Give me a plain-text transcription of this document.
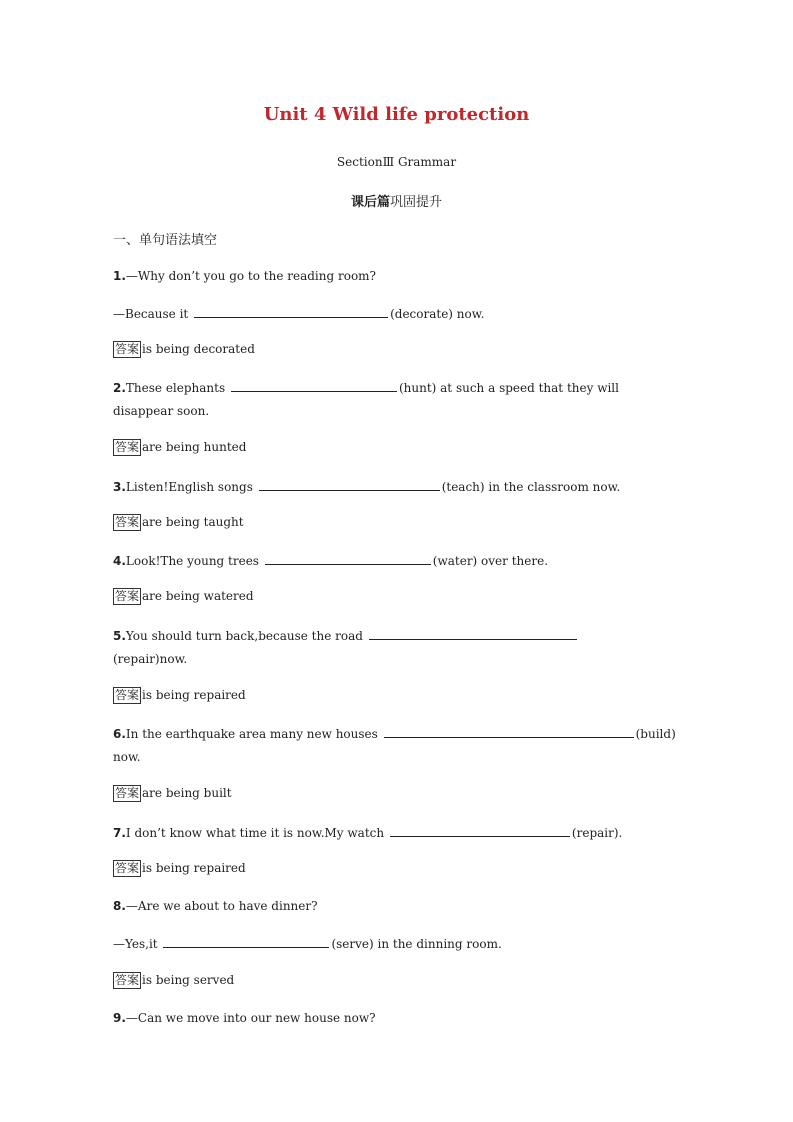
Unit 4 Wild life protection
SectionⅢ Grammar
课后篇巩固提升
一、单句语法填空
1.—Why don’t you go to the reading room?
—Because it	(decorate) now.
答案 is being decorated
2.These elephants	(hunt) at such a speed that they will
disappear soon.
答案 are being hunted
3.Listen!English songs	(teach) in the classroom now.
答案 are being taught
4.Look!The young trees	(water) over there.
答案 are being watered
5.You should turn back,because the road
(repair)now.
答案 is being repaired
6.In the earthquake area many new houses	(build)
now.
答案 are being built
7.I don’t know what time it is now.My watch	(repair).
答案 is being repaired
8.—Are we about to have dinner?
—Yes,it	(serve) in the dinning room.
答案 is being served
9.—Can we move into our new house now?
